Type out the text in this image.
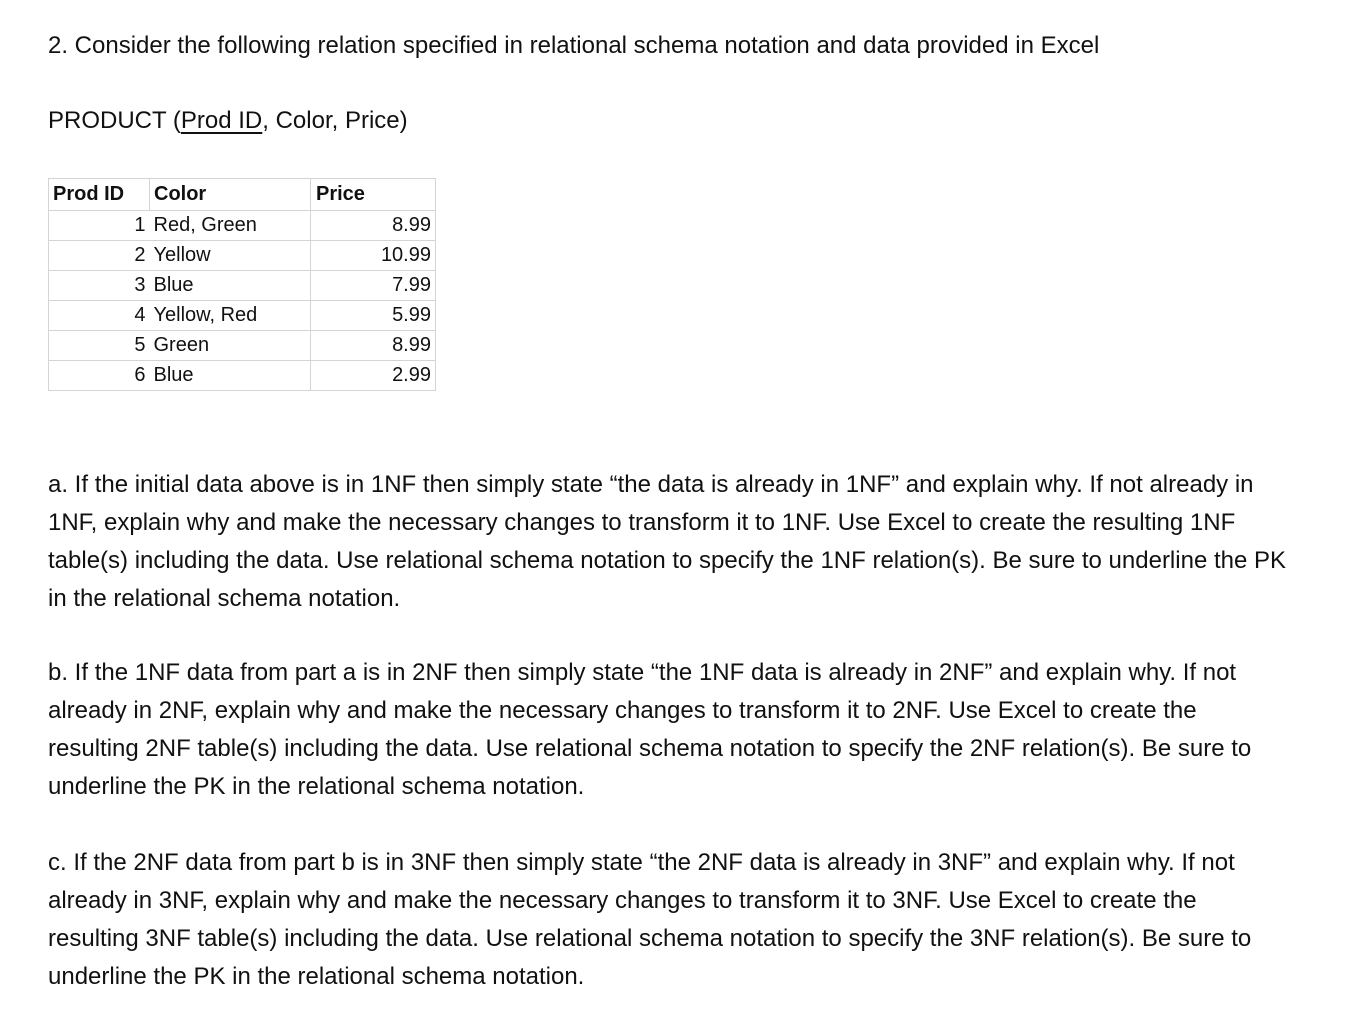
2. Consider the following relation specified in relational schema notation and data provided in Excel
PRODUCT (Prod ID, Color, Price)
Prod ID	Color	Price
1	Red, Green	8.99
2	Yellow	10.99
3	Blue	7.99
4	Yellow, Red	5.99
5	Green	8.99
6	Blue	2.99

a. If the initial data above is in 1NF then simply state “the data is already in 1NF” and explain why. If not already in 1NF, explain why and make the necessary changes to transform it to 1NF. Use Excel to create the resulting 1NF table(s) including the data. Use relational schema notation to specify the 1NF relation(s). Be sure to underline the PK in the relational schema notation.

b. If the 1NF data from part a is in 2NF then simply state “the 1NF data is already in 2NF” and explain why. If not already in 2NF, explain why and make the necessary changes to transform it to 2NF. Use Excel to create the resulting 2NF table(s) including the data. Use relational schema notation to specify the 2NF relation(s). Be sure to underline the PK in the relational schema notation.

c. If the 2NF data from part b is in 3NF then simply state “the 2NF data is already in 3NF” and explain why. If not already in 3NF, explain why and make the necessary changes to transform it to 3NF. Use Excel to create the resulting 3NF table(s) including the data. Use relational schema notation to specify the 3NF relation(s). Be sure to underline the PK in the relational schema notation.
